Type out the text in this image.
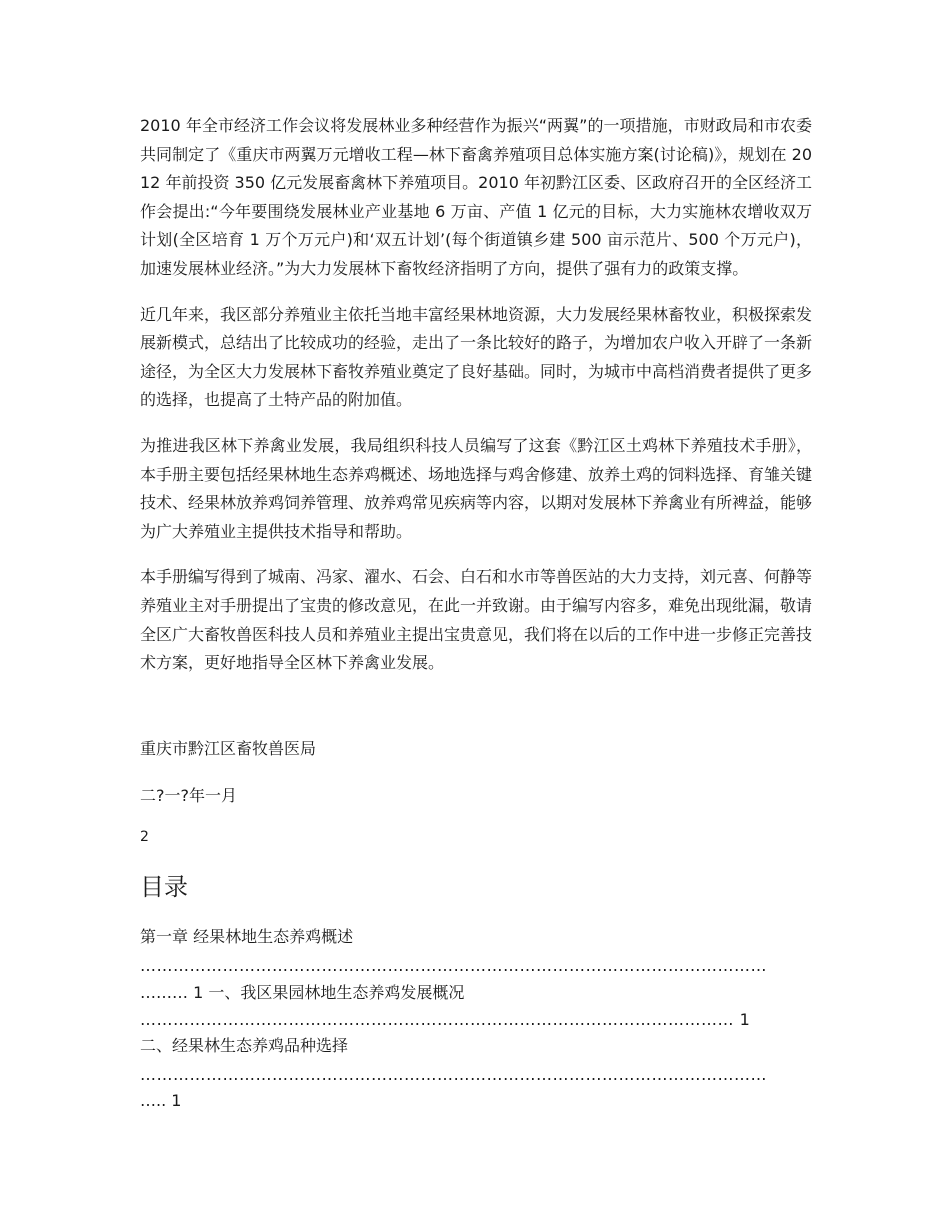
2010 年全市经济工作会议将发展林业多种经营作为振兴“两翼”的一项措施，市财政局和市农委共同制定了《重庆市两翼万元增收工程—林下畜禽养殖项目总体实施方案(讨论稿)》，规划在 2012 年前投资 350 亿元发展畜禽林下养殖项目。2010 年初黔江区委、区政府召开的全区经济工作会提出:“今年要围绕发展林业产业基地 6 万亩、产值 1 亿元的目标，大力实施林农增收双万计划(全区培育 1 万个万元户)和‘双五计划’(每个街道镇乡建 500 亩示范片、500 个万元户)，加速发展林业经济。”为大力发展林下畜牧经济指明了方向，提供了强有力的政策支撑。

近几年来，我区部分养殖业主依托当地丰富经果林地资源，大力发展经果林畜牧业，积极探索发展新模式，总结出了比较成功的经验，走出了一条比较好的路子，为增加农户收入开辟了一条新途径，为全区大力发展林下畜牧养殖业奠定了良好基础。同时，为城市中高档消费者提供了更多的选择，也提高了土特产品的附加值。

为推进我区林下养禽业发展，我局组织科技人员编写了这套《黔江区土鸡林下养殖技术手册》，本手册主要包括经果林地生态养鸡概述、场地选择与鸡舍修建、放养土鸡的饲料选择、育雏关键技术、经果林放养鸡饲养管理、放养鸡常见疾病等内容，以期对发展林下养禽业有所裨益，能够为广大养殖业主提供技术指导和帮助。

本手册编写得到了城南、冯家、濯水、石会、白石和水市等兽医站的大力支持，刘元喜、何静等养殖业主对手册提出了宝贵的修改意见，在此一并致谢。由于编写内容多，难免出现纰漏，敬请全区广大畜牧兽医科技人员和养殖业主提出宝贵意见，我们将在以后的工作中进一步修正完善技术方案，更好地指导全区林下养禽业发展。

重庆市黔江区畜牧兽医局
二?一?年一月
2
目录
第一章 经果林地生态养鸡概述
……………………………………………………………………………………………………
……… 1 一、我区果园林地生态养鸡发展概况
……………………………………………………………………………………………… 1
二、经果林生态养鸡品种选择
……………………………………………………………………………………………………
….. 1
